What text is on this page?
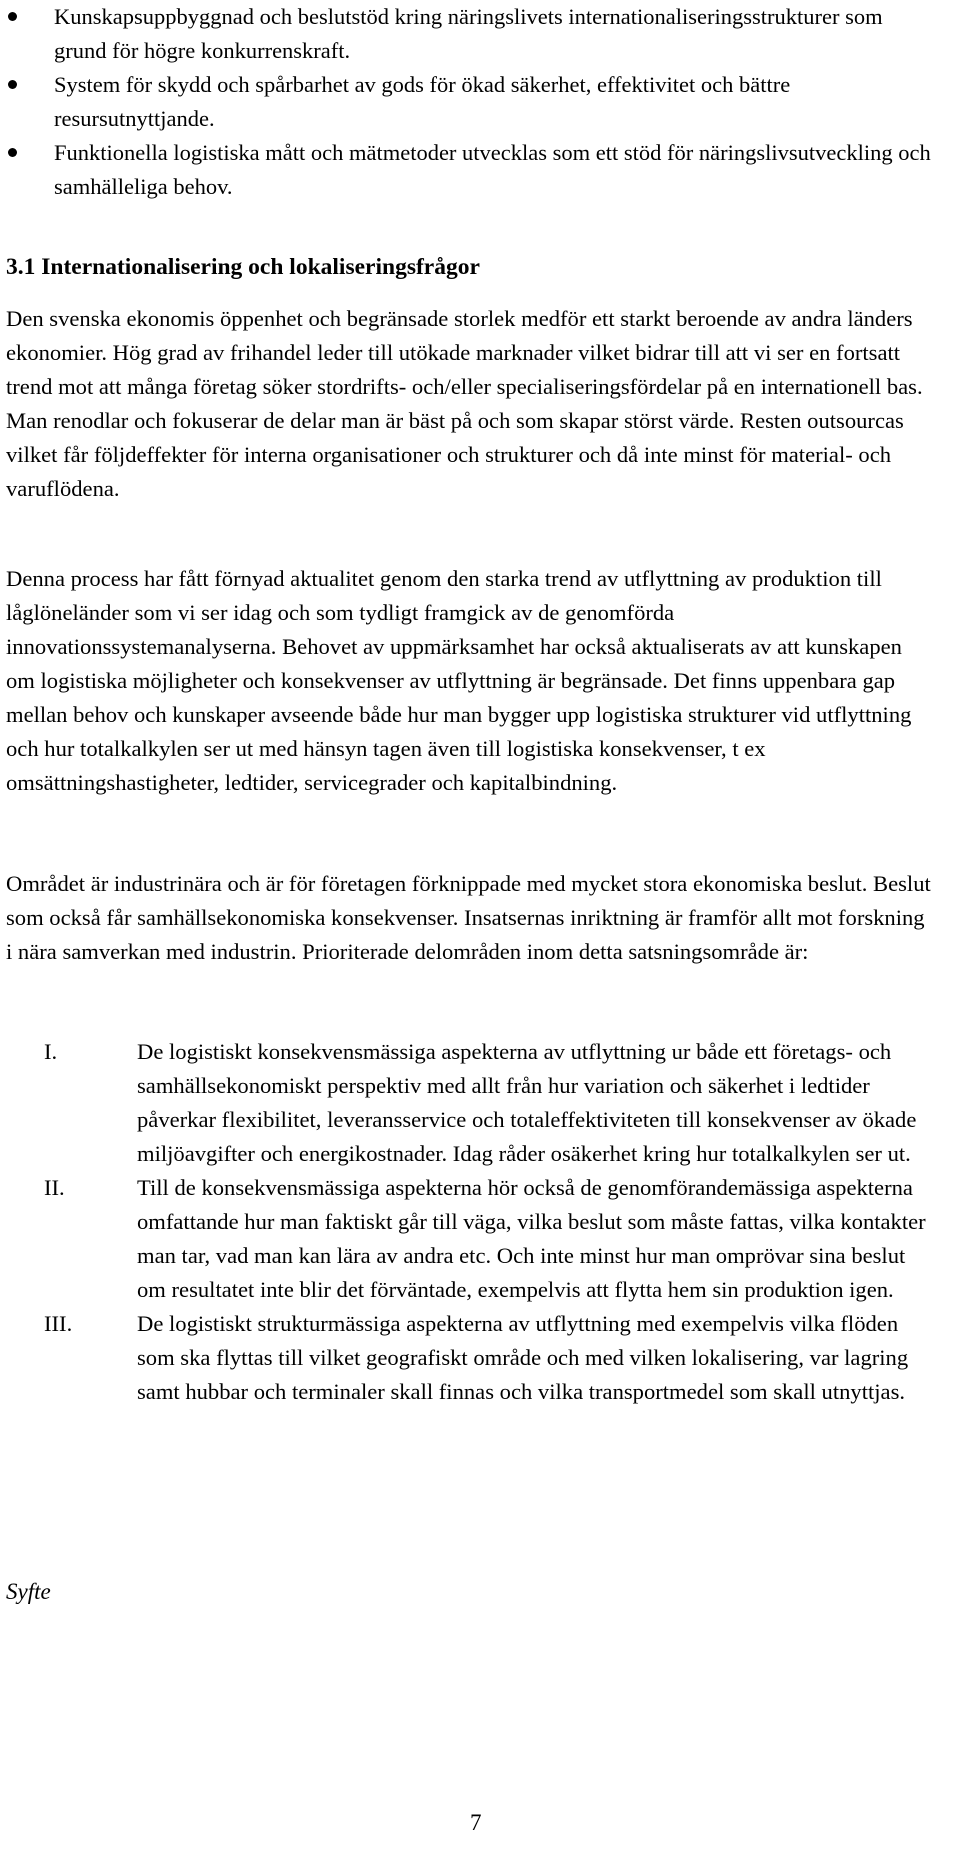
Kunskapsuppbyggnad och beslutstöd kring näringslivets internationaliseringsstrukturer som grund för högre konkurrenskraft.
System för skydd och spårbarhet av gods för ökad säkerhet, effektivitet och bättre resursutnyttjande.
Funktionella logistiska mått och mätmetoder utvecklas som ett stöd för näringslivsutveckling och samhälleliga behov.
3.1 Internationalisering och lokaliseringsfrågor

Den svenska ekonomis öppenhet och begränsade storlek medför ett starkt beroende av andra länders ekonomier. Hög grad av frihandel leder till utökade marknader vilket bidrar till att vi ser en fortsatt trend mot att många företag söker stordrifts- och/eller specialiseringsfördelar på en internationell bas. Man renodlar och fokuserar de delar man är bäst på och som skapar störst värde. Resten outsourcas vilket får följdeffekter för interna organisationer och strukturer och då inte minst för material- och varuflödena.

Denna process har fått förnyad aktualitet genom den starka trend av utflyttning av produktion till låglöneländer som vi ser idag och som tydligt framgick av de genomförda innovationssystemanalyserna. Behovet av uppmärksamhet har också aktualiserats av att kunskapen om logistiska möjligheter och konsekvenser av utflyttning är begränsade. Det finns uppenbara gap mellan behov och kunskaper avseende både hur man bygger upp logistiska strukturer vid utflyttning och hur totalkalkylen ser ut med hänsyn tagen även till logistiska konsekvenser, t ex omsättningshastigheter, ledtider, servicegrader och kapitalbindning.

Området är industrinära och är för företagen förknippade med mycket stora ekonomiska beslut. Beslut som också får samhällsekonomiska konsekvenser. Insatsernas inriktning är framför allt mot forskning i nära samverkan med industrin. Prioriterade delområden inom detta satsningsområde är:

I.	De logistiskt konsekvensmässiga aspekterna av utflyttning ur både ett företags- och samhällsekonomiskt perspektiv med allt från hur variation och säkerhet i ledtider påverkar flexibilitet, leveransservice och totaleffektiviteten till konsekvenser av ökade miljöavgifter och energikostnader. Idag råder osäkerhet kring hur totalkalkylen ser ut.
II.	Till de konsekvensmässiga aspekterna hör också de genomförandemässiga aspekterna omfattande hur man faktiskt går till väga, vilka beslut som måste fattas, vilka kontakter man tar, vad man kan lära av andra etc. Och inte minst hur man omprövar sina beslut om resultatet inte blir det förväntade, exempelvis att flytta hem sin produktion igen.
III.	De logistiskt strukturmässiga aspekterna av utflyttning med exempelvis vilka flöden som ska flyttas till vilket geografiskt område och med vilken lokalisering, var lagring samt hubbar och terminaler skall finnas och vilka transportmedel som skall utnyttjas.

Syfte

7
